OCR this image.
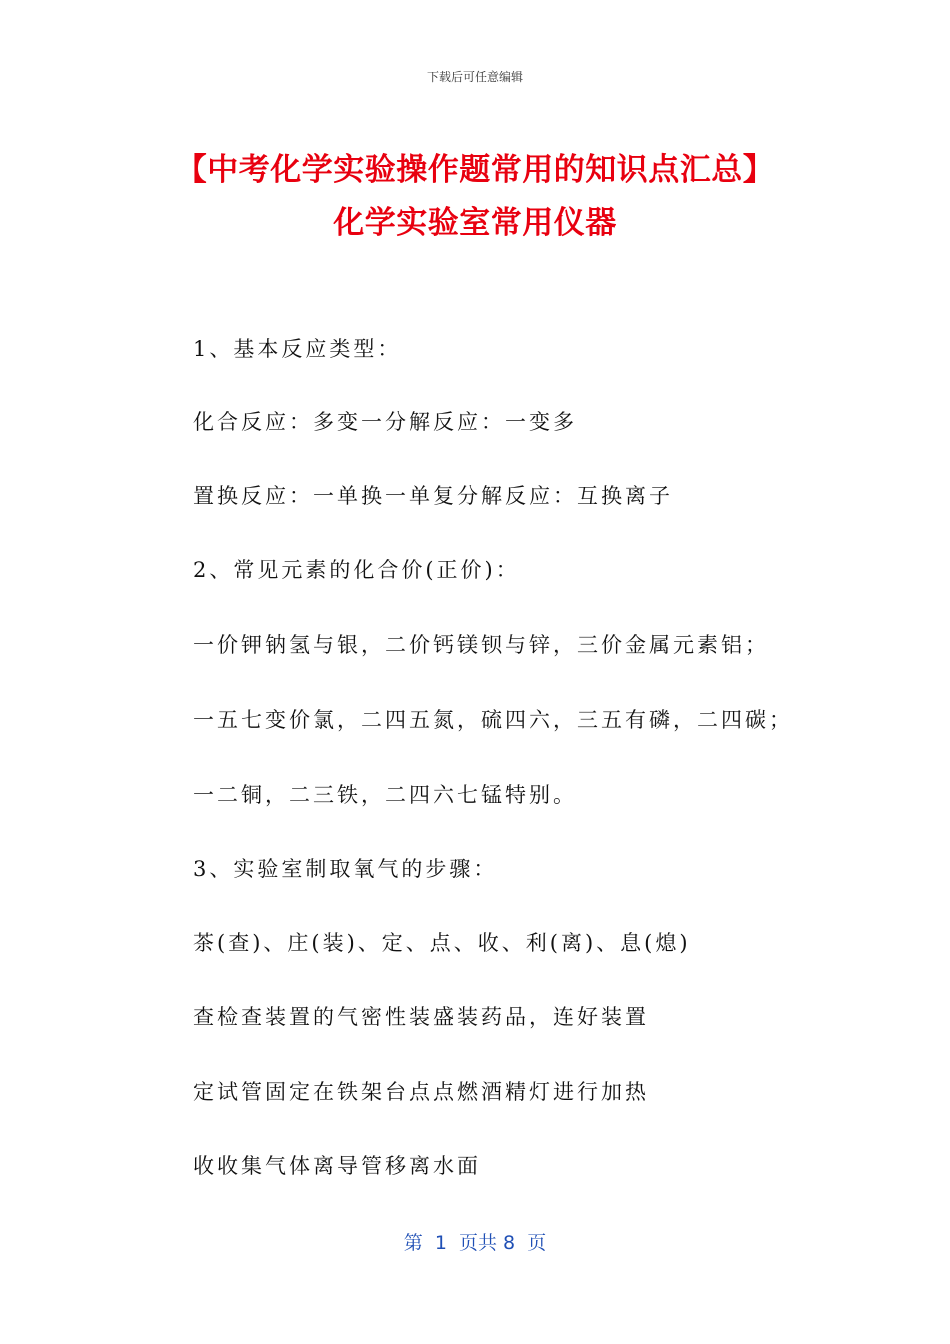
下载后可任意编辑
【中考化学实验操作题常用的知识点汇总】
化学实验室常用仪器
1、基本反应类型：
化合反应：多变一分解反应：一变多
置换反应：一单换一单复分解反应：互换离子
2、常见元素的化合价(正价)：
一价钾钠氢与银，二价钙镁钡与锌，三价金属元素铝；
一五七变价氯，二四五氮，硫四六，三五有磷，二四碳；
一二铜，二三铁，二四六七锰特别。
3、实验室制取氧气的步骤：
茶(查)、庄(装)、定、点、收、利(离)、息(熄)
查检查装置的气密性装盛装药品，连好装置
定试管固定在铁架台点点燃酒精灯进行加热
收收集气体离导管移离水面
第  1  页共 8  页
